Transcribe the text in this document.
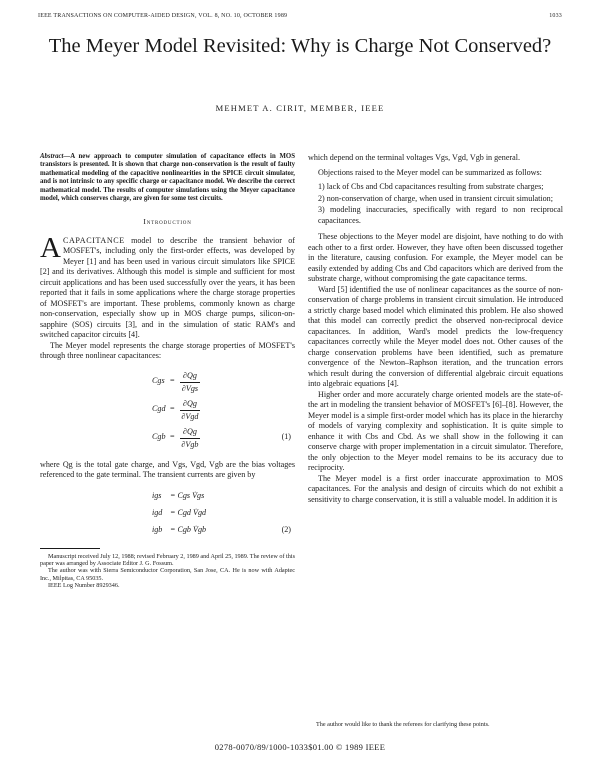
IEEE TRANSACTIONS ON COMPUTER-AIDED DESIGN, VOL. 8, NO. 10, OCTOBER 1989	1033
The Meyer Model Revisited: Why is Charge Not Conserved?
MEHMET A. CIRIT, MEMBER, IEEE

Abstract—A new approach to computer simulation of capacitance effects in MOS transistors is presented. It is shown that charge non-conservation is the result of faulty mathematical modeling of the capacitive nonlinearities in the SPICE circuit simulator, and is not intrinsic to any specific charge or capacitance model. We describe the correct mathematical model. The results of computer simulations using the Meyer capacitance model, which conserves charge, are given for some test circuits.

Introduction

ACAPACITANCE model to describe the transient behavior of MOSFET's, including only the first-order effects, was developed by Meyer [1] and has been used in various circuit simulators like SPICE [2] and its derivatives. Although this model is simple and sufficient for most circuit applications and has been used successfully over the years, it has been reported that it fails in some applications where the charge storage properties of MOSFET's are important. These problems, commonly known as charge non-conservation, especially show up in MOS charge pumps, silicon-on-sapphire (SOS) circuits [3], and in the simulation of static RAM's and switched capacitor circuits [4].

The Meyer model represents the charge storage properties of MOSFET's through three nonlinear capacitances:

Cgs =
∂Qg
∂Vgs
Cgd =
∂Qg
∂Vgd
Cgb =
∂Qg
∂Vgb
(1)

where Qg is the total gate charge, and Vgs, Vgd, Vgb are the bias voltages referenced to the gate terminal. The transient currents are given by

igs = Cgs V̇gs
igd = Cgd V̇gd
igb = Cgb V̇gb	(2)

Manuscript received July 12, 1988; revised February 2, 1989 and April 25, 1989. The review of this paper was arranged by Associate Editor J. G. Fossum.

The author was with Sierra Semiconductor Corporation, San Jose, CA. He is now with Adaptec Inc., Milpitas, CA 95035.

IEEE Log Number 8929346.

which depend on the terminal voltages Vgs, Vgd, Vgb in general.

Objections raised to the Meyer model can be summarized as follows:

1) lack of Cbs and Cbd capacitances resulting from substrate charges;
2) non-conservation of charge, when used in transient circuit simulation;
3) modeling inaccuracies, specifically with regard to non reciprocal capacitances.

These objections to the Meyer model are disjoint, have nothing to do with each other to a first order. However, they have often been discussed together in the literature, causing confusion. For example, the Meyer model can be easily extended by adding Cbs and Cbd capacitors which are derived from the substrate charge, without compromising the gate capacitance terms.

Ward [5] identified the use of nonlinear capacitances as the source of non-conservation of charge problems in transient circuit simulation. He introduced a strictly charge based model which eliminated this problem. He also showed that this model can correctly predict the observed non-reciprocal device capacitances. In addition, Ward's model predicts the low-frequency capacitances correctly while the Meyer model does not. Other causes of the charge conservation problems have been identified, such as premature convergence of the Newton–Raphson iteration, and the truncation errors which result during the conversion of differential algebraic circuit equations into algebraic equations [4].

Higher order and more accurately charge oriented models are the state-of-the art in modeling the transient behavior of MOSFET's [6]–[8]. However, the Meyer model is a simple first-order model which has its place in the hierarchy of models of varying complexity and sophistication. It is quite simple to enhance it with Cbs and Cbd. As we shall show in the following it can conserve charge with proper implementation in a circuit simulator. Therefore, the only objection to the Meyer model remains to be its accuracy due to reciprocity.

The Meyer model is a first order inaccurate approximation to MOS capacitances. For the analysis and design of circuits which do not exhibit a sensitivity to charge conservation, it is still a valuable model. In addition it is

The author would like to thank the referees for clarifying these points.
0278-0070/89/1000-1033$01.00 © 1989 IEEE
